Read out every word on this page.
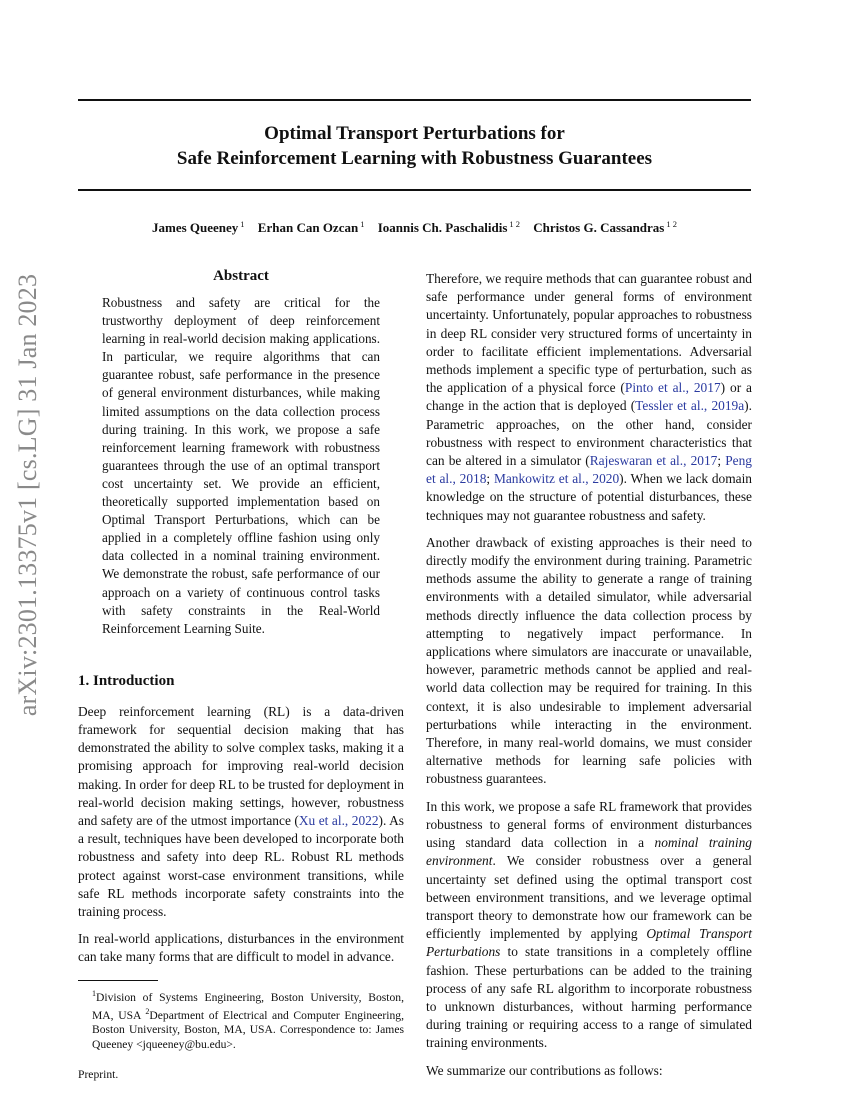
Optimal Transport Perturbations for
Safe Reinforcement Learning with Robustness Guarantees
James Queeney $^1$ Erhan Can Ozcan $^1$ Ioannis Ch. Paschalidis $^{1 2}$ Christos G. Cassandras $^{1 2}$
arXiv:2301.13375v1 [cs.LG] 31 Jan 2023	Abstract
Robustness and safety are critical for the trustworthy deployment of deep reinforcement learning in real-world decision making applications. In particular, we require algorithms that can guarantee robust, safe performance in the presence of general environment disturbances, while making limited assumptions on the data collection process during training. In this work, we propose a safe reinforcement learning framework with robustness guarantees through the use of an optimal transport cost uncertainty set. We provide an efficient, theoretically supported implementation based on Optimal Transport Perturbations, which can be applied in a completely offline fashion using only data collected in a nominal training environment. We demonstrate the robust, safe performance of our approach on a variety of continuous control tasks with safety constraints in the Real-World Reinforcement Learning Suite.
1. Introduction

Deep reinforcement learning (RL) is a data-driven framework for sequential decision making that has demonstrated the ability to solve complex tasks, making it a promising approach for improving real-world decision making. In order for deep RL to be trusted for deployment in real-world decision making settings, however, robustness and safety are of the utmost importance (Xu et al., 2022). As a result, techniques have been developed to incorporate both robustness and safety into deep RL. Robust RL methods protect against worst-case environment transitions, while safe RL methods incorporate safety constraints into the training process.

In real-world applications, disturbances in the environment can take many forms that are difficult to model in advance.

$^1$Division of Systems Engineering, Boston University, Boston, MA, USA $^2$Department of Electrical and Computer Engineering, Boston University, Boston, MA, USA. Correspondence to: James Queeney <jqueeney@bu.edu>.
Preprint.

Therefore, we require methods that can guarantee robust and safe performance under general forms of environment uncertainty. Unfortunately, popular approaches to robustness in deep RL consider very structured forms of uncertainty in order to facilitate efficient implementations. Adversarial methods implement a specific type of perturbation, such as the application of a physical force (Pinto et al., 2017) or a change in the action that is deployed (Tessler et al., 2019a). Parametric approaches, on the other hand, consider robustness with respect to environment characteristics that can be altered in a simulator (Rajeswaran et al., 2017; Peng et al., 2018; Mankowitz et al., 2020). When we lack domain knowledge on the structure of potential disturbances, these techniques may not guarantee robustness and safety.

Another drawback of existing approaches is their need to directly modify the environment during training. Parametric methods assume the ability to generate a range of training environments with a detailed simulator, while adversarial methods directly influence the data collection process by attempting to negatively impact performance. In applications where simulators are inaccurate or unavailable, however, parametric methods cannot be applied and real-world data collection may be required for training. In this context, it is also undesirable to implement adversarial perturbations while interacting in the environment. Therefore, in many real-world domains, we must consider alternative methods for learning safe policies with robustness guarantees.

In this work, we propose a safe RL framework that provides robustness to general forms of environment disturbances using standard data collection in a nominal training environment. We consider robustness over a general uncertainty set defined using the optimal transport cost between environment transitions, and we leverage optimal transport theory to demonstrate how our framework can be efficiently implemented by applying Optimal Transport Perturbations to state transitions in a completely offline fashion. These perturbations can be added to the training process of any safe RL algorithm to incorporate robustness to unknown disturbances, without harming performance during training or requiring access to a range of simulated training environments.

We summarize our contributions as follows:
